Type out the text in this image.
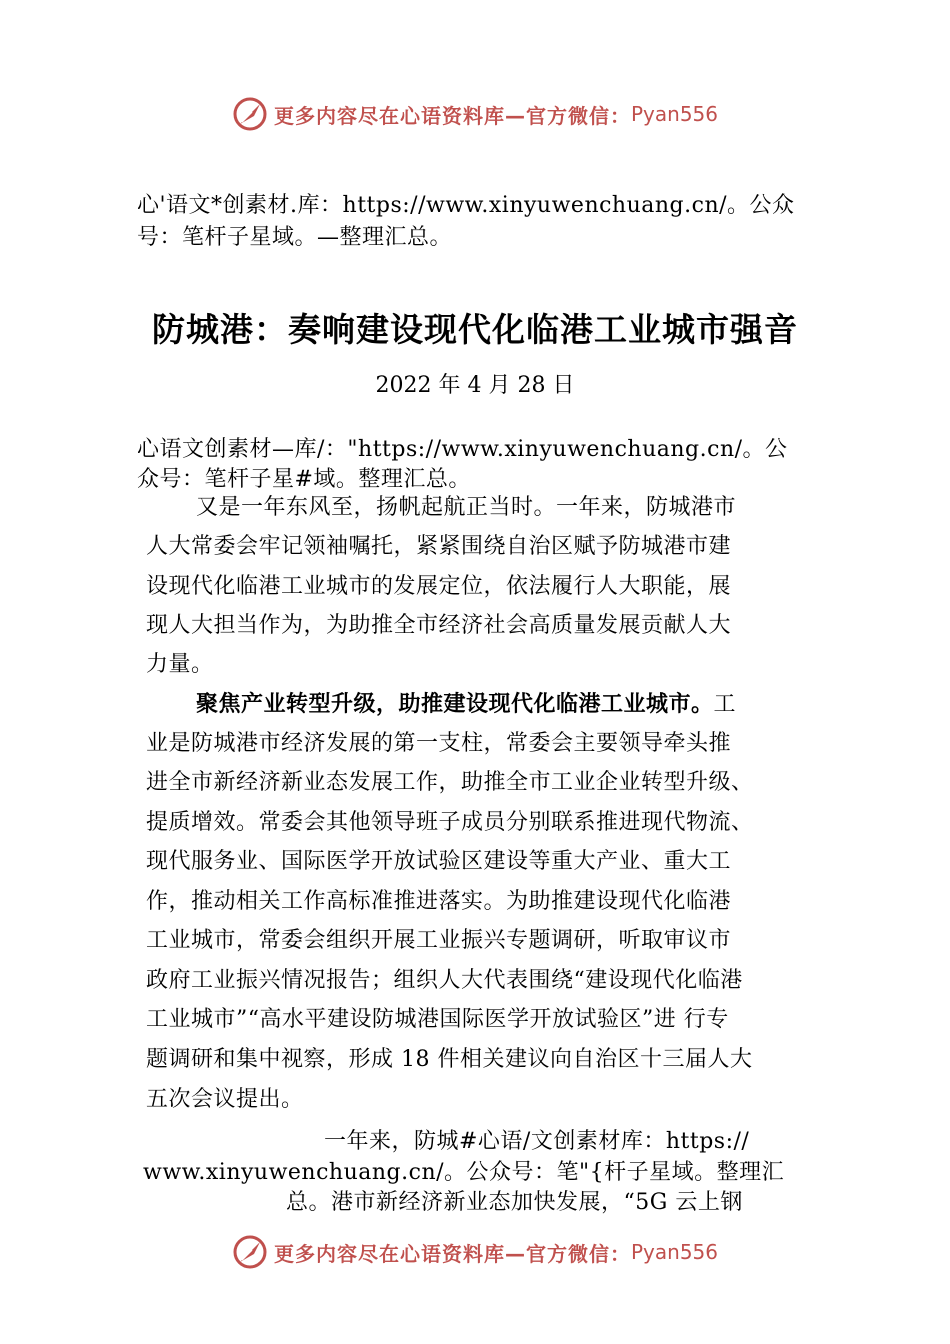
更多内容尽在心语资料库—官方微信： Pyan556
心'语文*创素材.库：https://www.xinyuwenchuang.cn/。公众
号：笔杆子星域。—整理汇总。
防城港：奏响建设现代化临港工业城市强音
2022 年 4 月 28 日
心语文创素材—库/："https://www.xinyuwenchuang.cn/。公
众号：笔杆子星#域。整理汇总。
又是一年东风至，扬帆起航正当时。一年来，防城港市
人大常委会牢记领袖嘱托，紧紧围绕自治区赋予防城港市建
设现代化临港工业城市的发展定位，依法履行人大职能，展
现人大担当作为，为助推全市经济社会高质量发展贡献人大
力量。
聚焦产业转型升级，助推建设现代化临港工业城市。工
业是防城港市经济发展的第一支柱，常委会主要领导牵头推
进全市新经济新业态发展工作，助推全市工业企业转型升级、
提质增效。常委会其他领导班子成员分别联系推进现代物流、
现代服务业、国际医学开放试验区建设等重大产业、重大工
作，推动相关工作高标准推进落实。为助推建设现代化临港
工业城市，常委会组织开展工业振兴专题调研，听取审议市
政府工业振兴情况报告；组织人大代表围绕“建设现代化临港
工业城市”“高水平建设防城港国际医学开放试验区”进 行专
题调研和集中视察，形成 18 件相关建议向自治区十三届人大
五次会议提出。
一年来，防城#心语/文创素材库：https://
www.xinyuwenchuang.cn/。公众号：笔"{杆子星域。整理汇
总。港市新经济新业态加快发展，“5G 云上钢
更多内容尽在心语资料库—官方微信： Pyan556
